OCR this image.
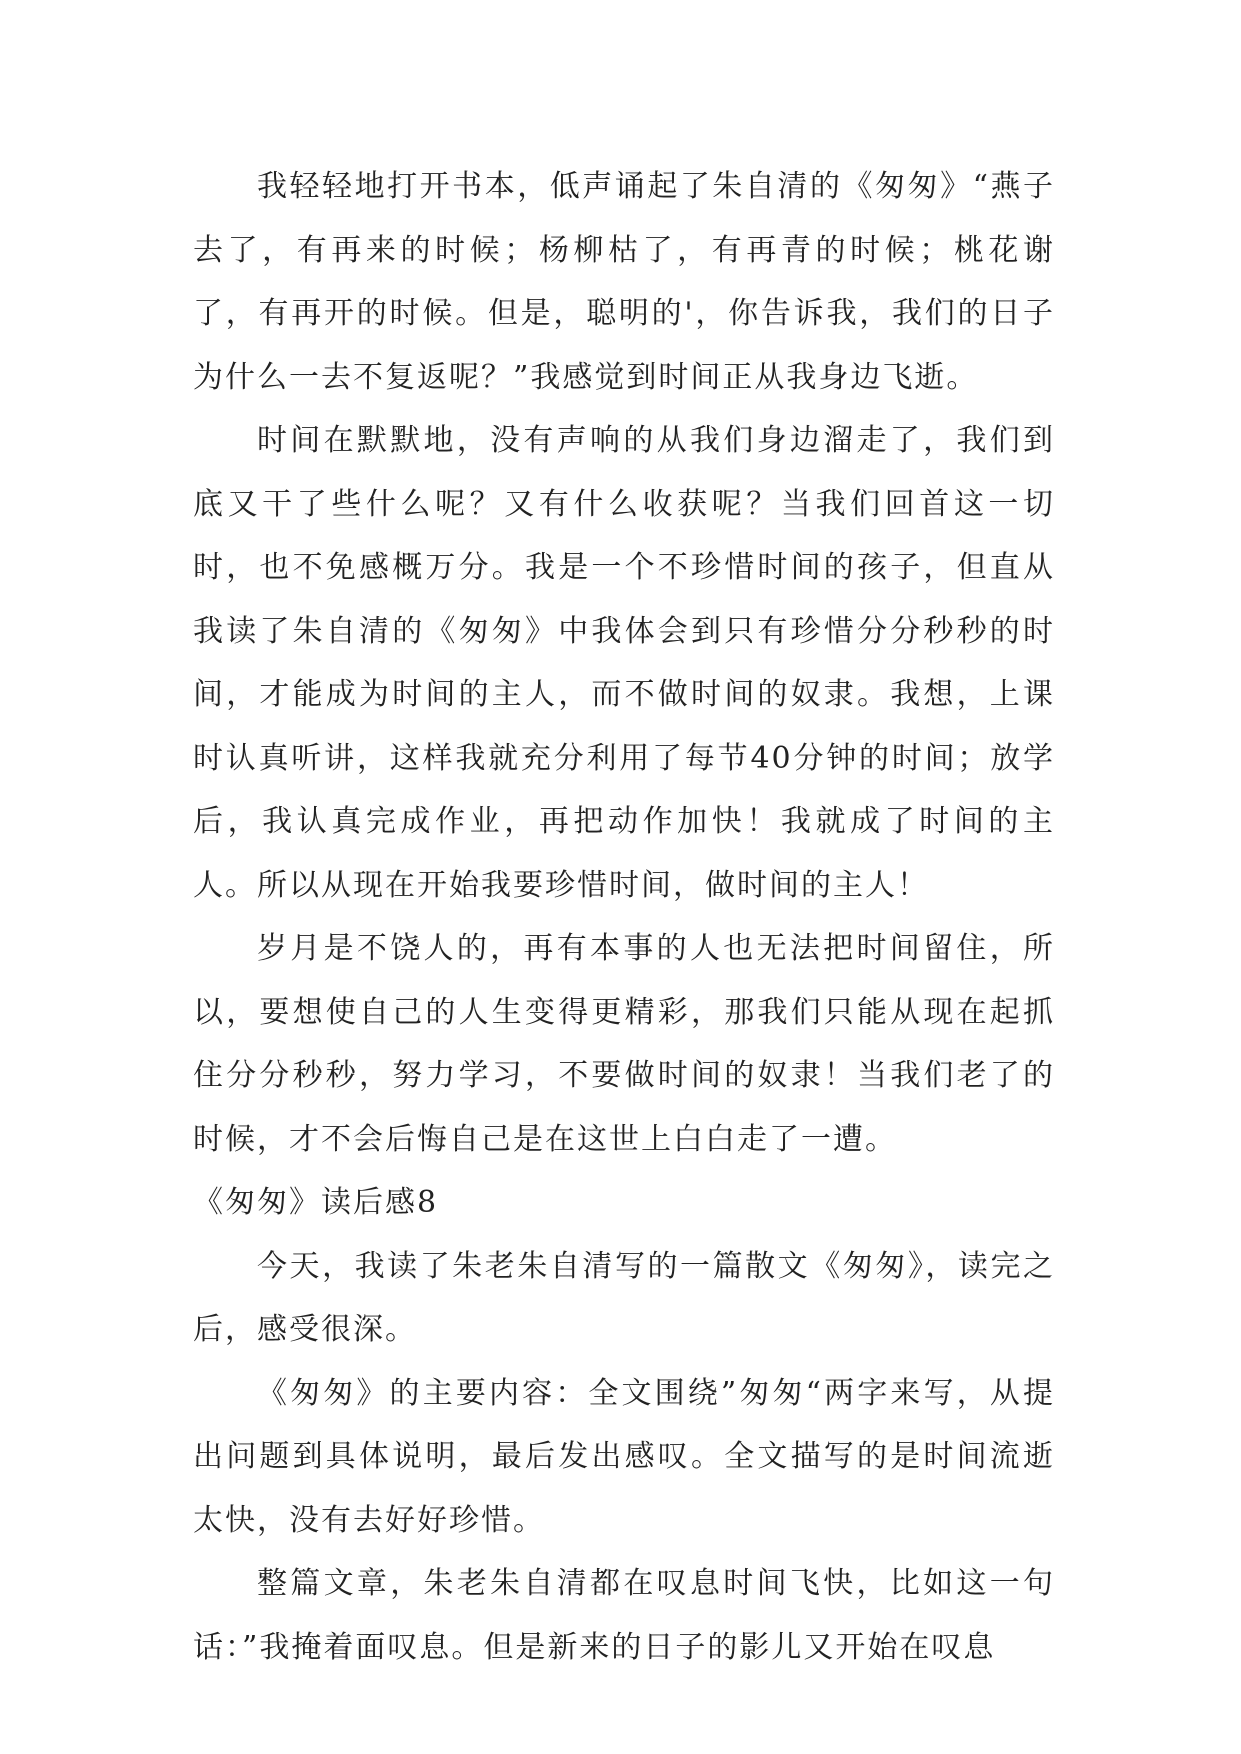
我轻轻地打开书本，低声诵起了朱自清的《匆匆》“燕子去了，有再来的时候；杨柳枯了，有再青的时候；桃花谢了，有再开的时候。但是，聪明的'，你告诉我，我们的日子为什么一去不复返呢？”我感觉到时间正从我身边飞逝。

时间在默默地，没有声响的从我们身边溜走了，我们到底又干了些什么呢？又有什么收获呢？当我们回首这一切时，也不免感概万分。我是一个不珍惜时间的孩子，但直从我读了朱自清的《匆匆》中我体会到只有珍惜分分秒秒的时间，才能成为时间的主人，而不做时间的奴隶。我想，上课时认真听讲，这样我就充分利用了每节40分钟的时间；放学后，我认真完成作业，再把动作加快！我就成了时间的主人。所以从现在开始我要珍惜时间，做时间的主人！

岁月是不饶人的，再有本事的人也无法把时间留住，所以，要想使自己的人生变得更精彩，那我们只能从现在起抓住分分秒秒，努力学习，不要做时间的奴隶！当我们老了的时候，才不会后悔自己是在这世上白白走了一遭。

《匆匆》读后感8

今天，我读了朱老朱自清写的一篇散文《匆匆》，读完之后，感受很深。

《匆匆》的主要内容：全文围绕”匆匆“两字来写，从提出问题到具体说明，最后发出感叹。全文描写的是时间流逝太快，没有去好好珍惜。

整篇文章，朱老朱自清都在叹息时间飞快，比如这一句话：”我掩着面叹息。但是新来的日子的影儿又开始在叹息
